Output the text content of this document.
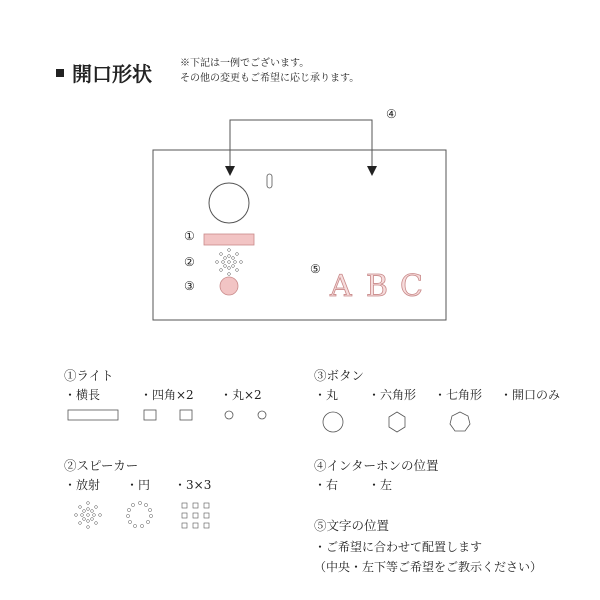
開口形状	※下記は一例でございます。
その他の変更もご希望に応じ承ります。
④
①
②
③
⑤ A B C
①ライト
・横長	・四角×2 ・丸×2
③ボタン
・丸 ・六角形 ・七角形 ・開口のみ
②スピーカー
・放射 ・円 ・3×3
④インターホンの位置
・右 ・左
⑤文字の位置
・ご希望に合わせて配置します
（中央・左下等ご希望をご教示ください）
